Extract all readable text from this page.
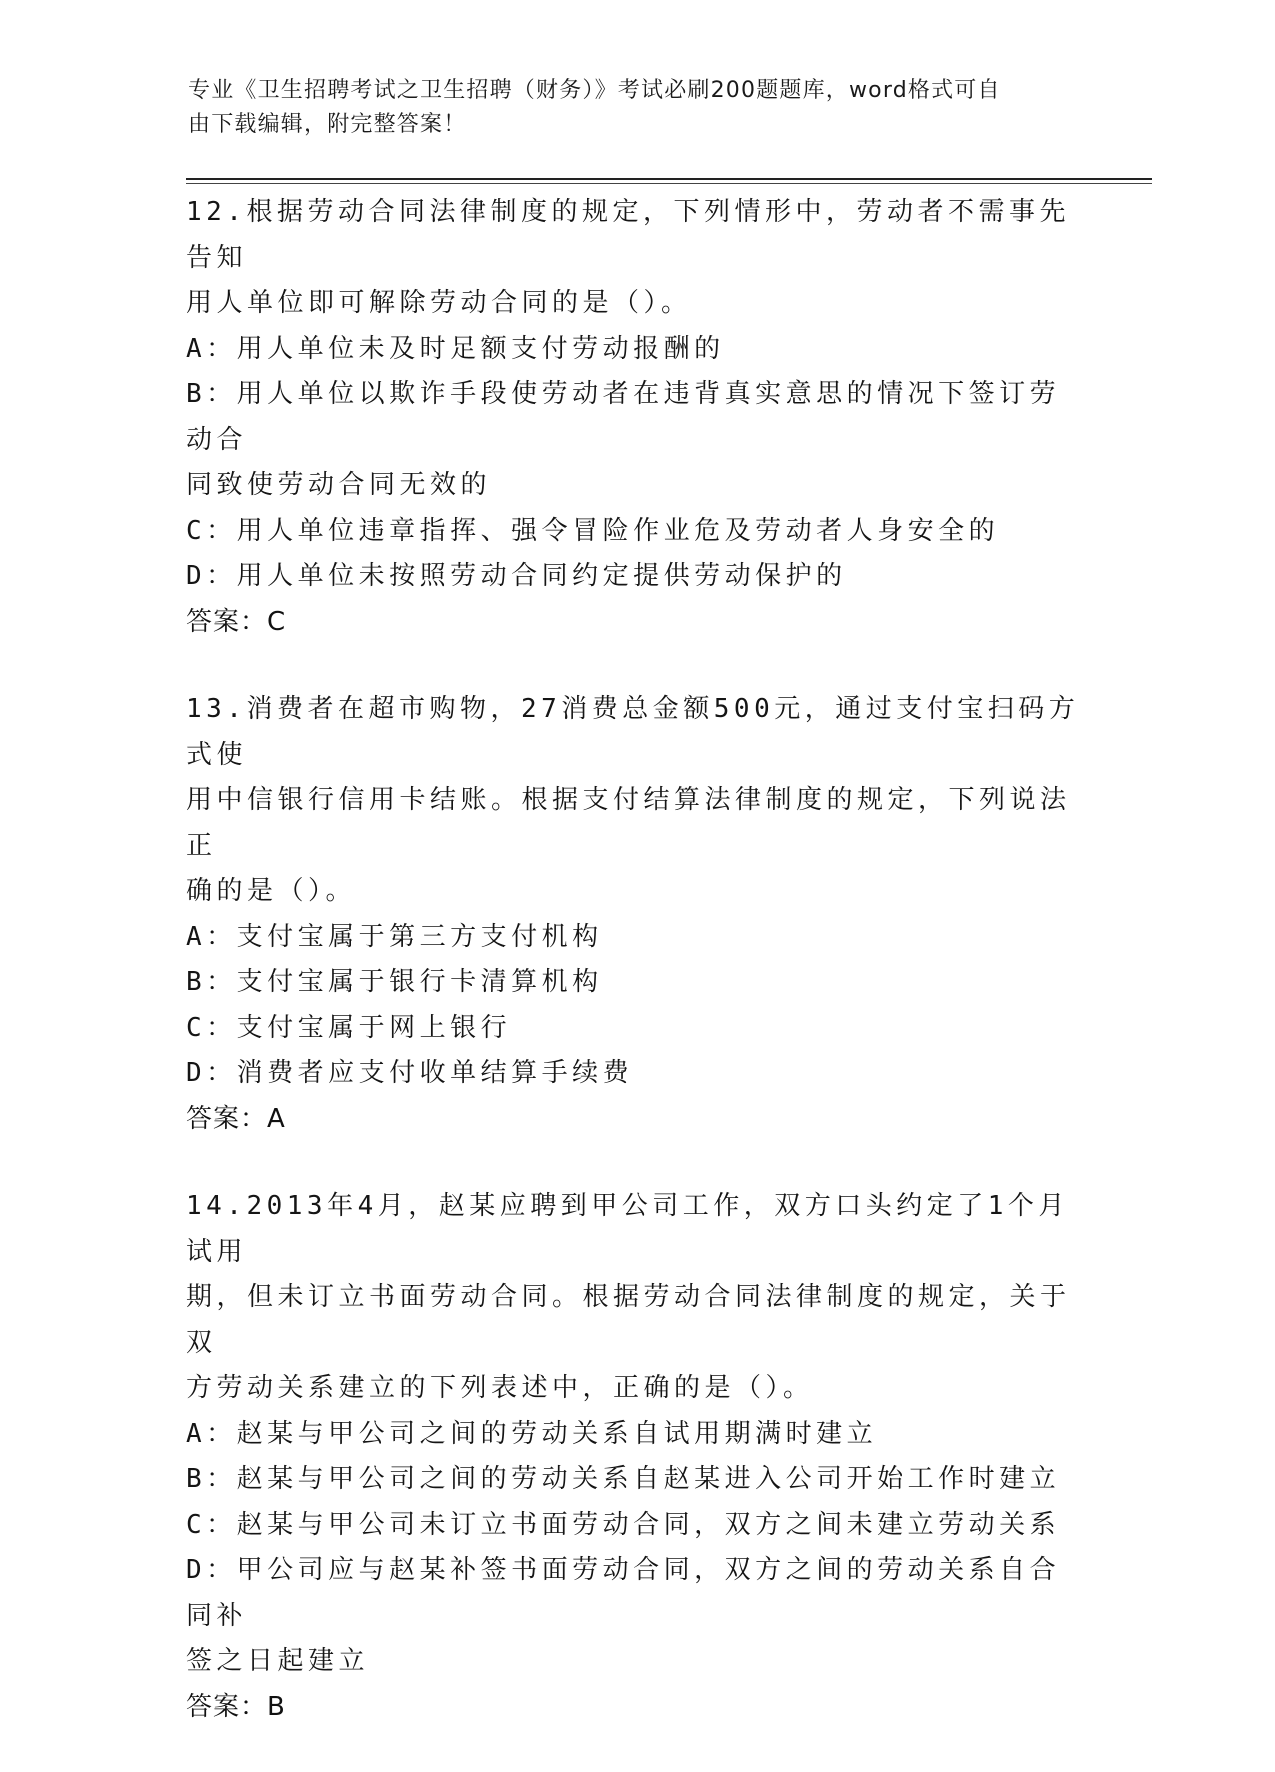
专业《卫生招聘考试之卫生招聘（财务）》考试必刷200题题库，word格式可自
由下载编辑，附完整答案！
12.根据劳动合同法律制度的规定，下列情形中，劳动者不需事先告知
用人单位即可解除劳动合同的是（）。
A：用人单位未及时足额支付劳动报酬的
B：用人单位以欺诈手段使劳动者在违背真实意思的情况下签订劳动合
同致使劳动合同无效的
C：用人单位违章指挥、强令冒险作业危及劳动者人身安全的
D：用人单位未按照劳动合同约定提供劳动保护的
答案：C
13.消费者在超市购物，27消费总金额500元，通过支付宝扫码方式使
用中信银行信用卡结账。根据支付结算法律制度的规定，下列说法正
确的是（）。
A：支付宝属于第三方支付机构
B：支付宝属于银行卡清算机构
C：支付宝属于网上银行
D：消费者应支付收单结算手续费
答案：A
14.2013年4月，赵某应聘到甲公司工作，双方口头约定了1个月试用
期，但未订立书面劳动合同。根据劳动合同法律制度的规定，关于双
方劳动关系建立的下列表述中，正确的是（）。
A：赵某与甲公司之间的劳动关系自试用期满时建立
B：赵某与甲公司之间的劳动关系自赵某进入公司开始工作时建立
C：赵某与甲公司未订立书面劳动合同，双方之间未建立劳动关系
D：甲公司应与赵某补签书面劳动合同，双方之间的劳动关系自合同补
签之日起建立
答案：B
